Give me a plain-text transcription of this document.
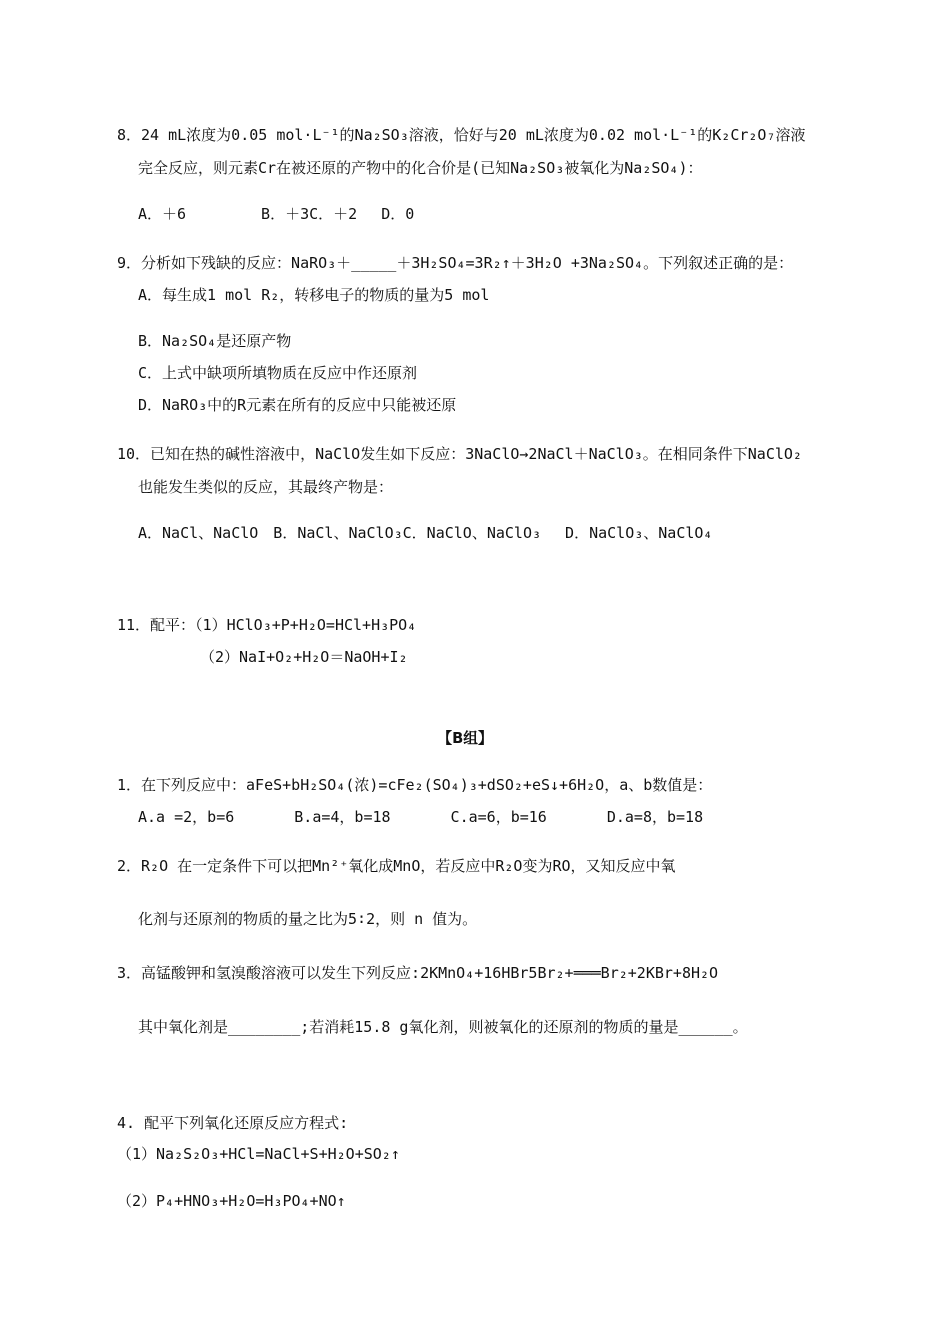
8．24 mL浓度为0.05 mol·L⁻¹的Na₂SO₃溶液，恰好与20 mL浓度为0.02 mol·L⁻¹的K₂Cr₂O₇溶液
完全反应，则元素Cr在被还原的产物中的化合价是(已知Na₂SO₃被氧化为Na₂SO₄)：
A．＋6　　　　　B．＋3C．＋2　 D．0
9．分析如下残缺的反应：NaRO₃＋_____＋3H₂SO₄=3R₂↑＋3H₂O +3Na₂SO₄。下列叙述正确的是：
A．每生成1 mol R₂，转移电子的物质的量为5 mol
B．Na₂SO₄是还原产物
C．上式中缺项所填物质在反应中作还原剂
D．NaRO₃中的R元素在所有的反应中只能被还原
10．已知在热的碱性溶液中，NaClO发生如下反应：3NaClO→2NaCl＋NaClO₃。在相同条件下NaClO₂
也能发生类似的反应，其最终产物是：
A．NaCl、NaClO　B．NaCl、NaClO₃C．NaClO、NaClO₃　 D．NaClO₃、NaClO₄
11．配平：（1）HClO₃+P+H₂O=HCl+H₃PO₄
（2）NaI+O₂+H₂O＝NaOH+I₂
【B组】
1．在下列反应中：aFeS+bH₂SO₄(浓)=cFe₂(SO₄)₃+dSO₂+eS↓+6H₂O，a、b数值是：
A.a =2，b=6　　　　B.a=4，b=18　　　　C.a=6，b=16　　　　D.a=8，b=18
2．R₂O 在一定条件下可以把Mn²⁺氧化成MnO，若反应中R₂O变为RO，又知反应中氧
化剂与还原剂的物质的量之比为5∶2，则 n 值为。
3．高锰酸钾和氢溴酸溶液可以发生下列反应:2KMnO₄+16HBr5Br₂+═══Br₂+2KBr+8H₂O
其中氧化剂是________;若消耗15.8 g氧化剂，则被氧化的还原剂的物质的量是______。
4. 配平下列氧化还原反应方程式:
（1）Na₂S₂O₃+HCl=NaCl+S+H₂O+SO₂↑
（2）P₄+HNO₃+H₂O=H₃PO₄+NO↑
